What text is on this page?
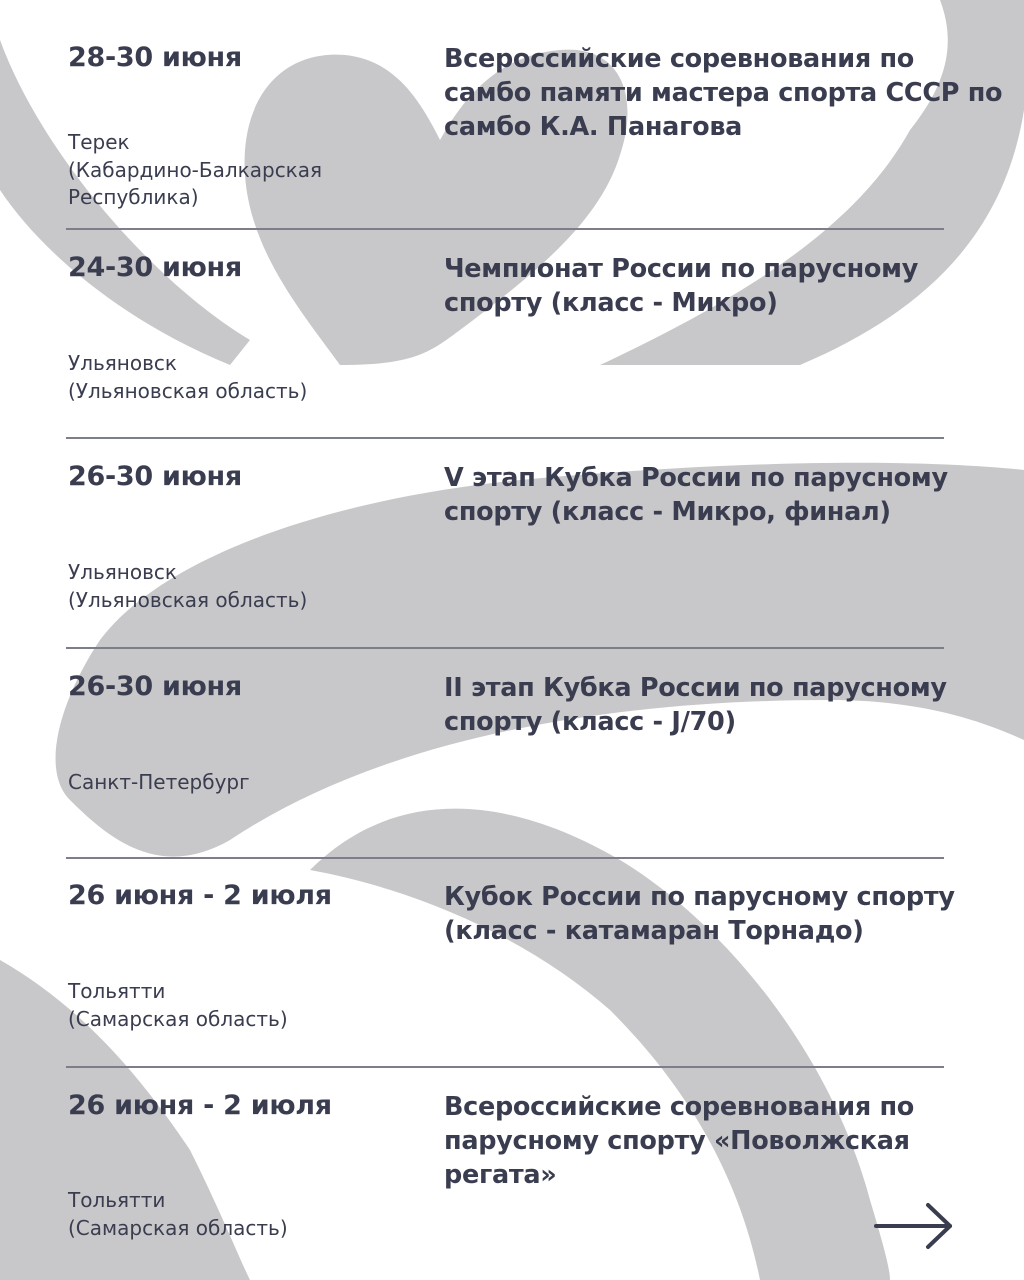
28-30 июня	Всероссийские соревнования по самбо памяти мастера спорта СССР по самбо К.А. Панагова
Терек
(Кабардино-Балкарская
Республика)
24-30 июня	Чемпионат России по парусному спорту (класс - Микро)
Ульяновск
(Ульяновская область)
26-30 июня	V этап Кубка России по парусному спорту (класс - Микро, финал)
Ульяновск
(Ульяновская область)
26-30 июня	II этап Кубка России по парусному спорту (класс - J/70)
Санкт-Петербург
26 июня - 2 июля	Кубок России по парусному спорту (класс - катамаран Торнадо)
Тольятти
(Самарская область)
26 июня - 2 июля	Всероссийские соревнования по парусному спорту «Поволжская регата»
Тольятти
(Самарская область)
